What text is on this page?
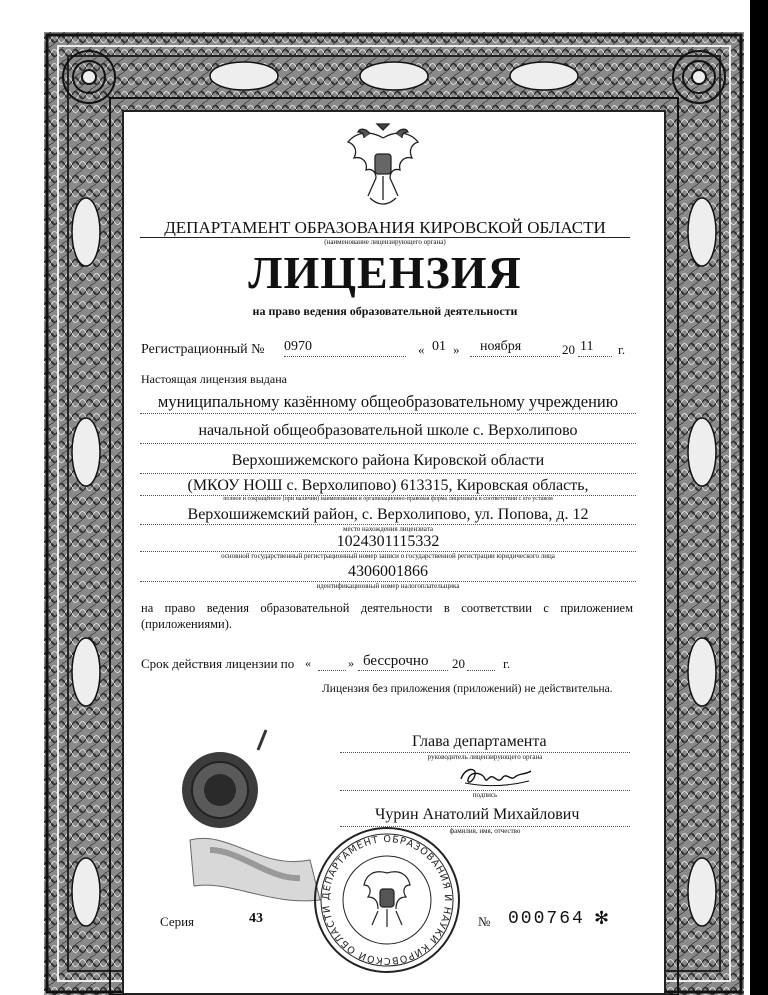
ДЕПАРТАМЕНТ ОБРАЗОВАНИЯ КИРОВСКОЙ ОБЛАСТИ
(наименование лицензирующего органа)
ЛИЦЕНЗИЯ
на право ведения образовательной деятельности
Регистрационный № 0970	« 01 » ноября	20 11 г.
Настоящая лицензия выдана
муниципальному казённому общеобразовательному учреждению
начальной общеобразовательной школе с. Верхолипово
Верхошижемского района Кировской области
(МКОУ НОШ с. Верхолипово) 613315, Кировская область,
полное и сокращённое (при наличии) наименования и организационно-правовая форма лицензиата в соответствии с его уставом
Верхошижемский район, с. Верхолипово, ул. Попова, д. 12
место нахождения лицензиата
1024301115332
основной государственный регистрационный номер записи о государственной регистрации юридического лица
4306001866
идентификационный номер налогоплательщика
на право ведения образовательной деятельности в соответствии с приложением (приложениями).
Срок действия лицензии по «	» бессрочно 20	г.
Лицензия без приложения (приложений) не действительна.
Глава департамента
руководитель лицензирующего органа
подпись
Чурин Анатолий Михайлович
фамилия, имя, отчество
ДЕПАРТАМЕНТ ОБРАЗОВАНИЯ И НАУКИ КИРОВСКОЙ ОБЛАСТИ
Серия	43	№ 000764 ✻
